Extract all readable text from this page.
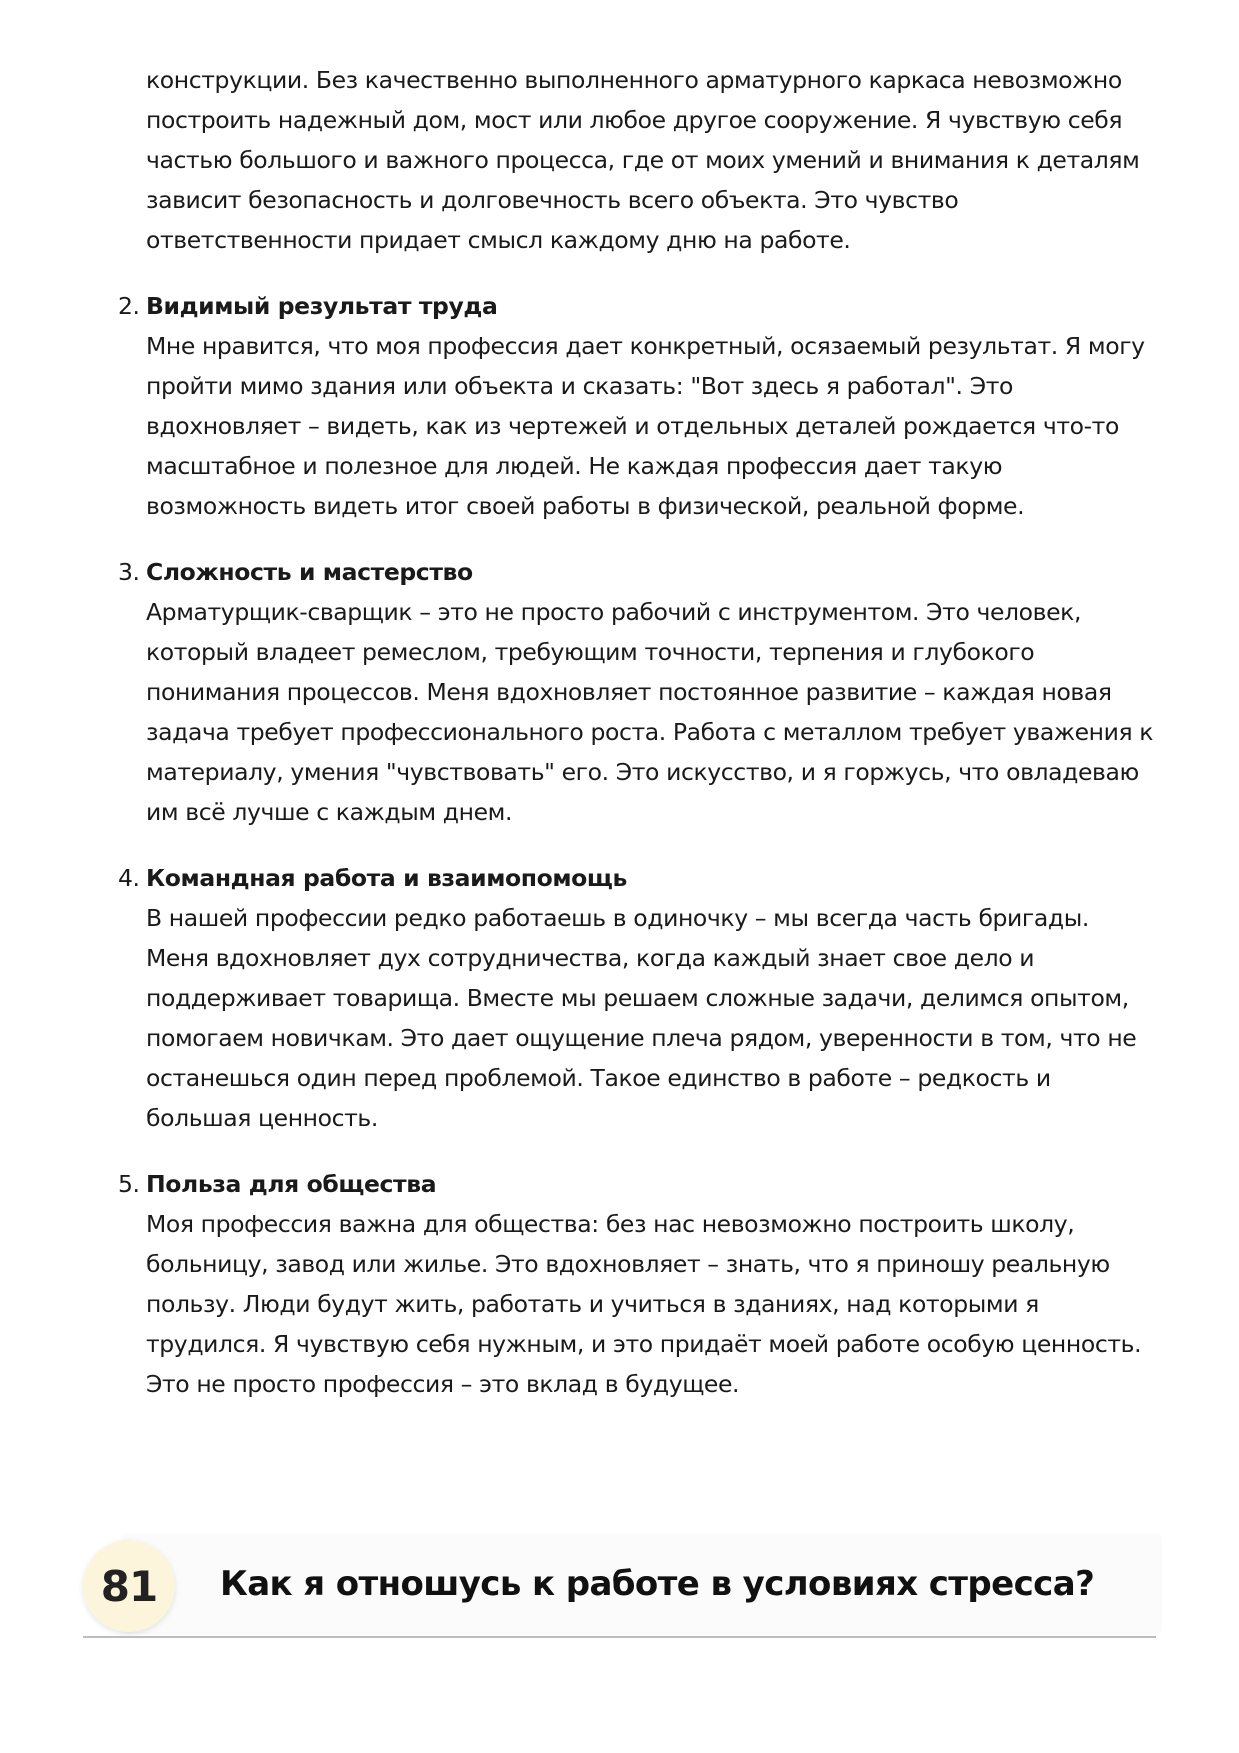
конструкции. Без качественно выполненного арматурного каркаса невозможно построить надежный дом, мост или любое другое сооружение. Я чувствую себя частью большого и важного процесса, где от моих умений и внимания к деталям зависит безопасность и долговечность всего объекта. Это чувство ответственности придает смысл каждому дню на работе.

2. Видимый результат труда

Мне нравится, что моя профессия дает конкретный, осязаемый результат. Я могу пройти мимо здания или объекта и сказать: "Вот здесь я работал". Это вдохновляет – видеть, как из чертежей и отдельных деталей рождается что-то масштабное и полезное для людей. Не каждая профессия дает такую возможность видеть итог своей работы в физической, реальной форме.

3. Сложность и мастерство

Арматурщик-сварщик – это не просто рабочий с инструментом. Это человек, который владеет ремеслом, требующим точности, терпения и глубокого понимания процессов. Меня вдохновляет постоянное развитие – каждая новая задача требует профессионального роста. Работа с металлом требует уважения к материалу, умения "чувствовать" его. Это искусство, и я горжусь, что овладеваю им всё лучше с каждым днем.

4. Командная работа и взаимопомощь

В нашей профессии редко работаешь в одиночку – мы всегда часть бригады. Меня вдохновляет дух сотрудничества, когда каждый знает свое дело и поддерживает товарища. Вместе мы решаем сложные задачи, делимся опытом, помогаем новичкам. Это дает ощущение плеча рядом, уверенности в том, что не останешься один перед проблемой. Такое единство в работе – редкость и большая ценность.

5. Польза для общества

Моя профессия важна для общества: без нас невозможно построить школу, больницу, завод или жилье. Это вдохновляет – знать, что я приношу реальную пользу. Люди будут жить, работать и учиться в зданиях, над которыми я трудился. Я чувствую себя нужным, и это придаёт моей работе особую ценность. Это не просто профессия – это вклад в будущее.

81	Как я отношусь к работе в условиях стресса?
